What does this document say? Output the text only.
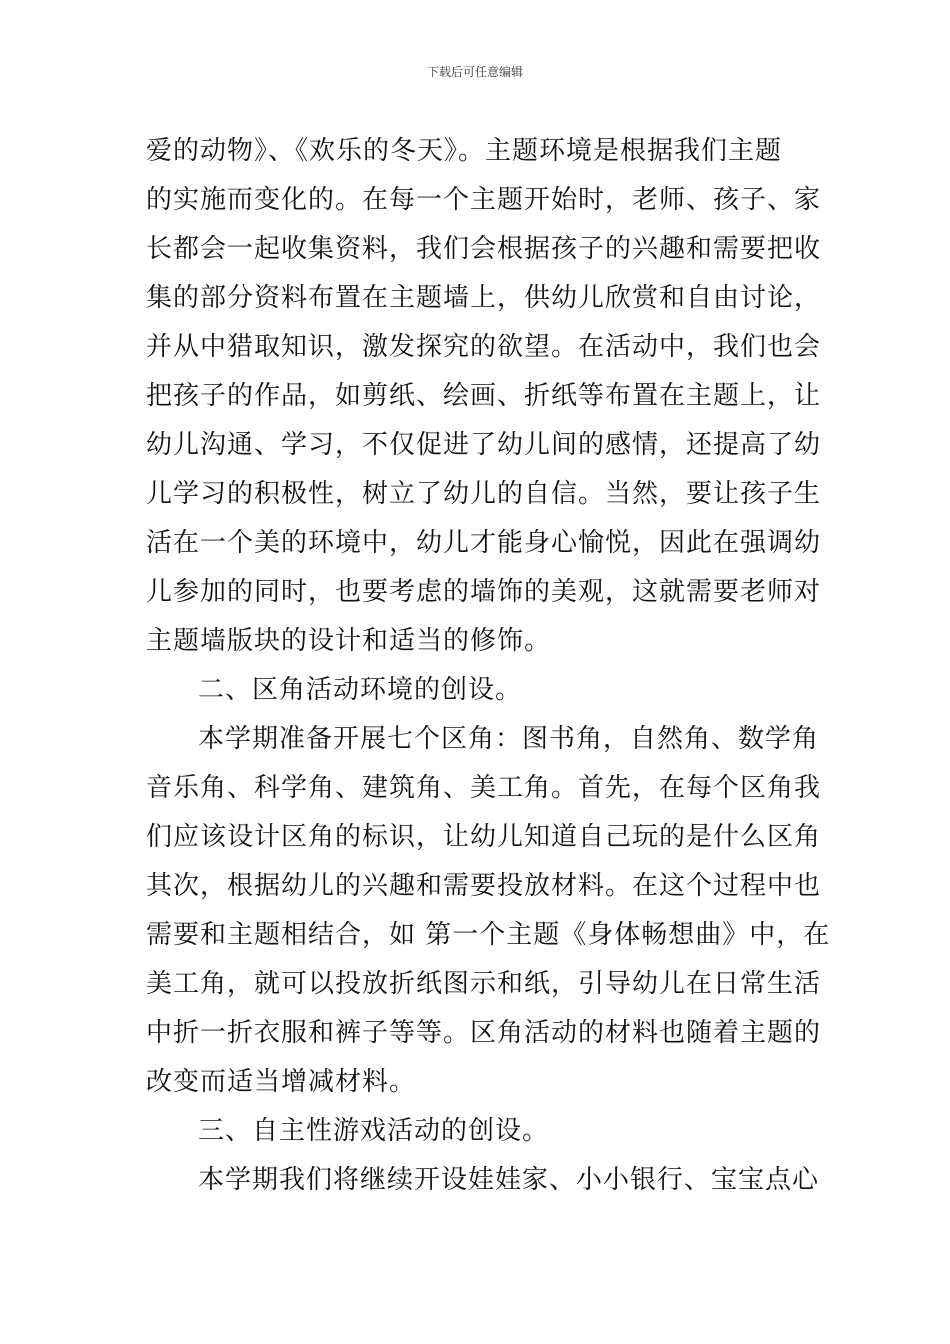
下载后可任意编辑
爱的动物》、《欢乐的冬天》。主题环境是根据我们主题
的实施而变化的。在每一个主题开始时，老师、孩子、家
长都会一起收集资料，我们会根据孩子的兴趣和需要把收
集的部分资料布置在主题墙上，供幼儿欣赏和自由讨论，
并从中猎取知识，激发探究的欲望。在活动中，我们也会
把孩子的作品，如剪纸、绘画、折纸等布置在主题上，让
幼儿沟通、学习，不仅促进了幼儿间的感情，还提高了幼
儿学习的积极性，树立了幼儿的自信。当然，要让孩子生
活在一个美的环境中，幼儿才能身心愉悦，因此在强调幼
儿参加的同时，也要考虑的墙饰的美观，这就需要老师对
主题墙版块的设计和适当的修饰。
二、区角活动环境的创设。
本学期准备开展七个区角：图书角，自然角、数学角
音乐角、科学角、建筑角、美工角。首先，在每个区角我
们应该设计区角的标识，让幼儿知道自己玩的是什么区角
其次，根据幼儿的兴趣和需要投放材料。在这个过程中也
需要和主题相结合，如 第一个主题《身体畅想曲》中，在
美工角，就可以投放折纸图示和纸，引导幼儿在日常生活
中折一折衣服和裤子等等。区角活动的材料也随着主题的
改变而适当增减材料。
三、自主性游戏活动的创设。
本学期我们将继续开设娃娃家、小小银行、宝宝点心
